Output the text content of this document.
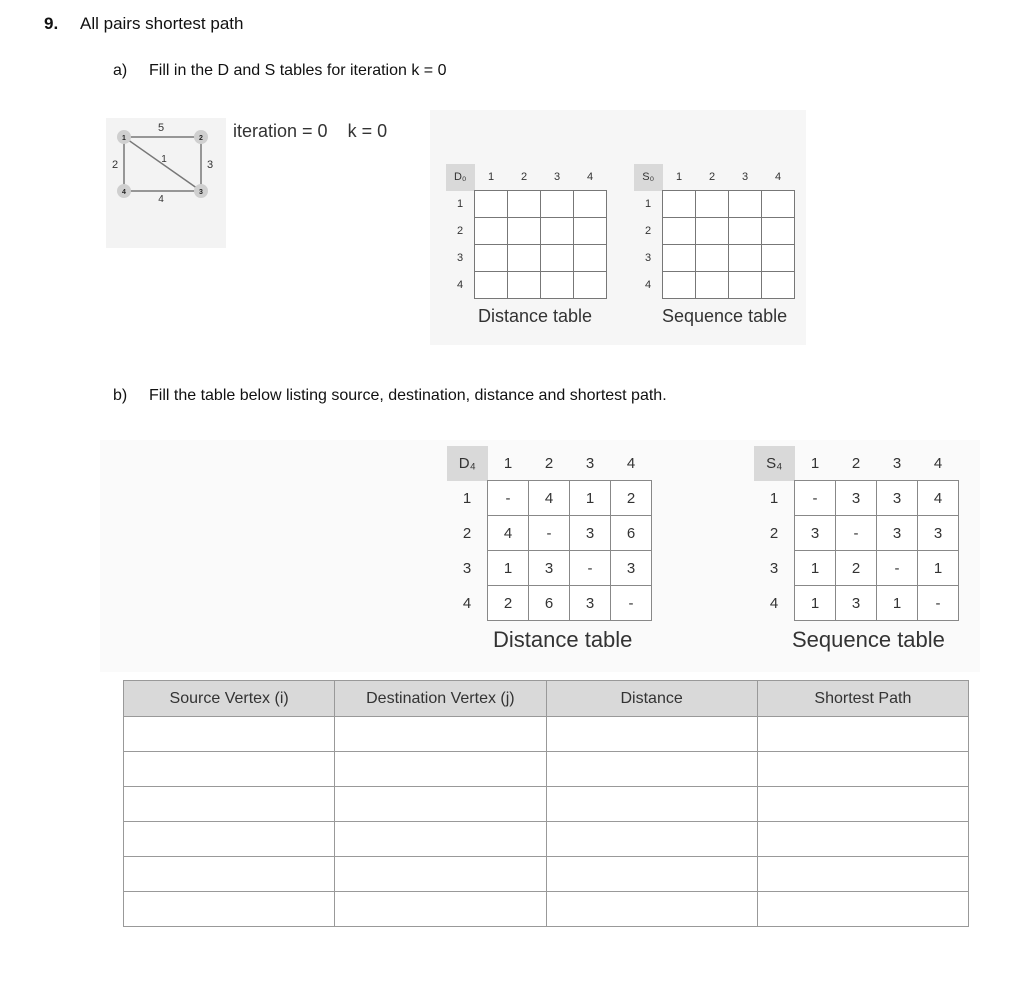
9. All pairs shortest path
a) Fill in the D and S tables for iteration k = 0
5
2	3
1
4
1	2
3
4
iteration = 0 k = 0
D₀	1	2	3	4
1				
2				
3				
4				
Distance table
S₀	1	2	3	4
1				
2				
3				
4				
Sequence table
b) Fill the table below listing source, destination, distance and shortest path.
D₄	1	2	3	4
1	-	4	1	2
2	4	-	3	6
3	1	3	-	3
4	2	6	3	-
Distance table
S₄	1	2	3	4
1	-	3	3	4
2	3	-	3	3
3	1	2	-	1
4	1	3	1	-
Sequence table
Source Vertex (i)	Destination Vertex (j)	Distance	Shortest Path
